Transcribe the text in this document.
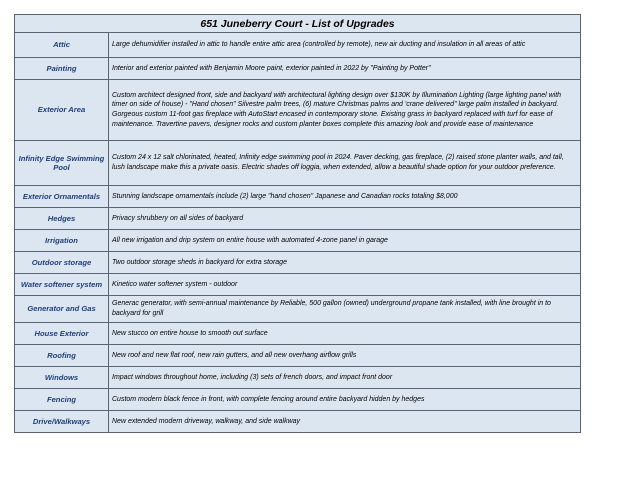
651 Juneberry Court - List of Upgrades	
Attic	Large dehumidifier installed in attic to handle entire attic area (controlled by remote), new air ducting and insulation in all areas of attic
Painting	Interior and exterior painted with Benjamin Moore paint, exterior painted in 2022 by "Painting by Potter"
Exterior Area	Custom architect designed front, side and backyard with architectural lighting design over $130K by Illumination Lighting (large lighting panel with timer on side of house) - "Hand chosen" Silvestre palm trees, (6) mature Christmas palms and 'crane delivered" large palm installed in backyard. Gorgeous custom 11-foot gas fireplace with AutoStart encased in contemporary stone. Existing grass in backyard replaced with turf for ease of maintenance. Travertine pavers, designer rocks and custom planter boxes complete this amazing look and provide ease of maintenance
Infinity Edge Swimming Pool	Custom 24 x 12 salt chlorinated, heated, Infinity edge swimming pool in 2024. Paver decking, gas fireplace, (2) raised stone planter walls, and tall, lush landscape make this a private oasis. Electric shades off loggia, when extended, allow a beautiful shade option for your outdoor preference.
Exterior Ornamentals	Stunning landscape ornamentals include (2) large "hand chosen" Japanese and Canadian rocks totaling $8,000
Hedges	Privacy shrubbery on all sides of backyard
Irrigation	All new irrigation and drip system on entire house with automated 4-zone panel in garage
Outdoor storage	Two outdoor storage sheds in backyard for extra storage
Water softener system	Kinetico water softener system - outdoor
Generator and Gas	Generac generator, with semi-annual maintenance by Reliable, 500 gallon (owned) underground propane tank installed, with line brought in to backyard for grill
House Exterior	New stucco on entire house to smooth out surface
Roofing	New roof and new flat roof, new rain gutters, and all new overhang airflow grills
Windows	Impact windows throughout home, including (3) sets of french doors, and impact front door
Fencing	Custom modern black fence in front, with complete fencing around entire backyard hidden by hedges
Drive/Walkways	New extended modern driveway, walkway, and side walkway
